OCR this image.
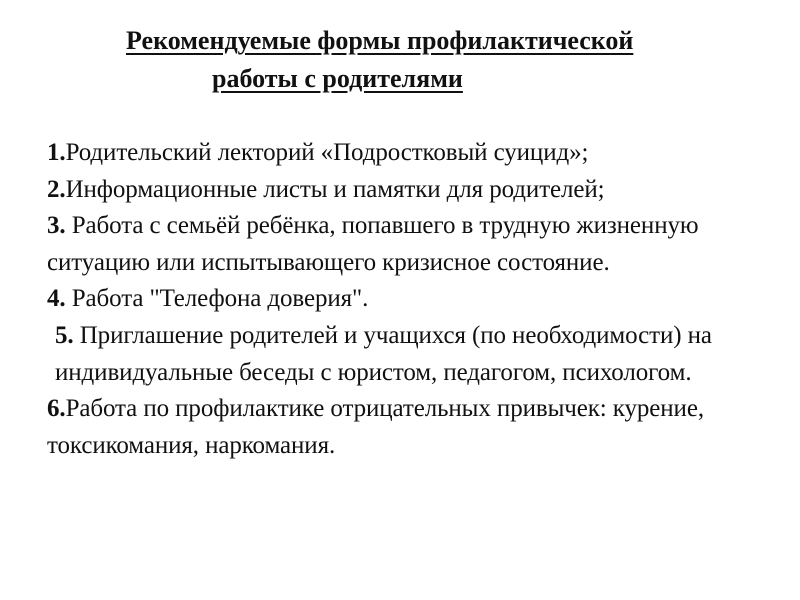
Рекомендуемые формы профилактической
работы с родителями

1.Родительский лекторий «Подростковый суицид»;

2.Информационные листы и памятки для родителей;

3. Работа с семьёй ребёнка, попавшего в трудную жизненную ситуацию или испытывающего кризисное состояние.

4. Работа "Телефона доверия".

5. Приглашение родителей и учащихся (по необходимости) на индивидуальные беседы с юристом, педагогом, психологом.

6.Работа по профилактике отрицательных привычек: курение, токсикомания, наркомания.
